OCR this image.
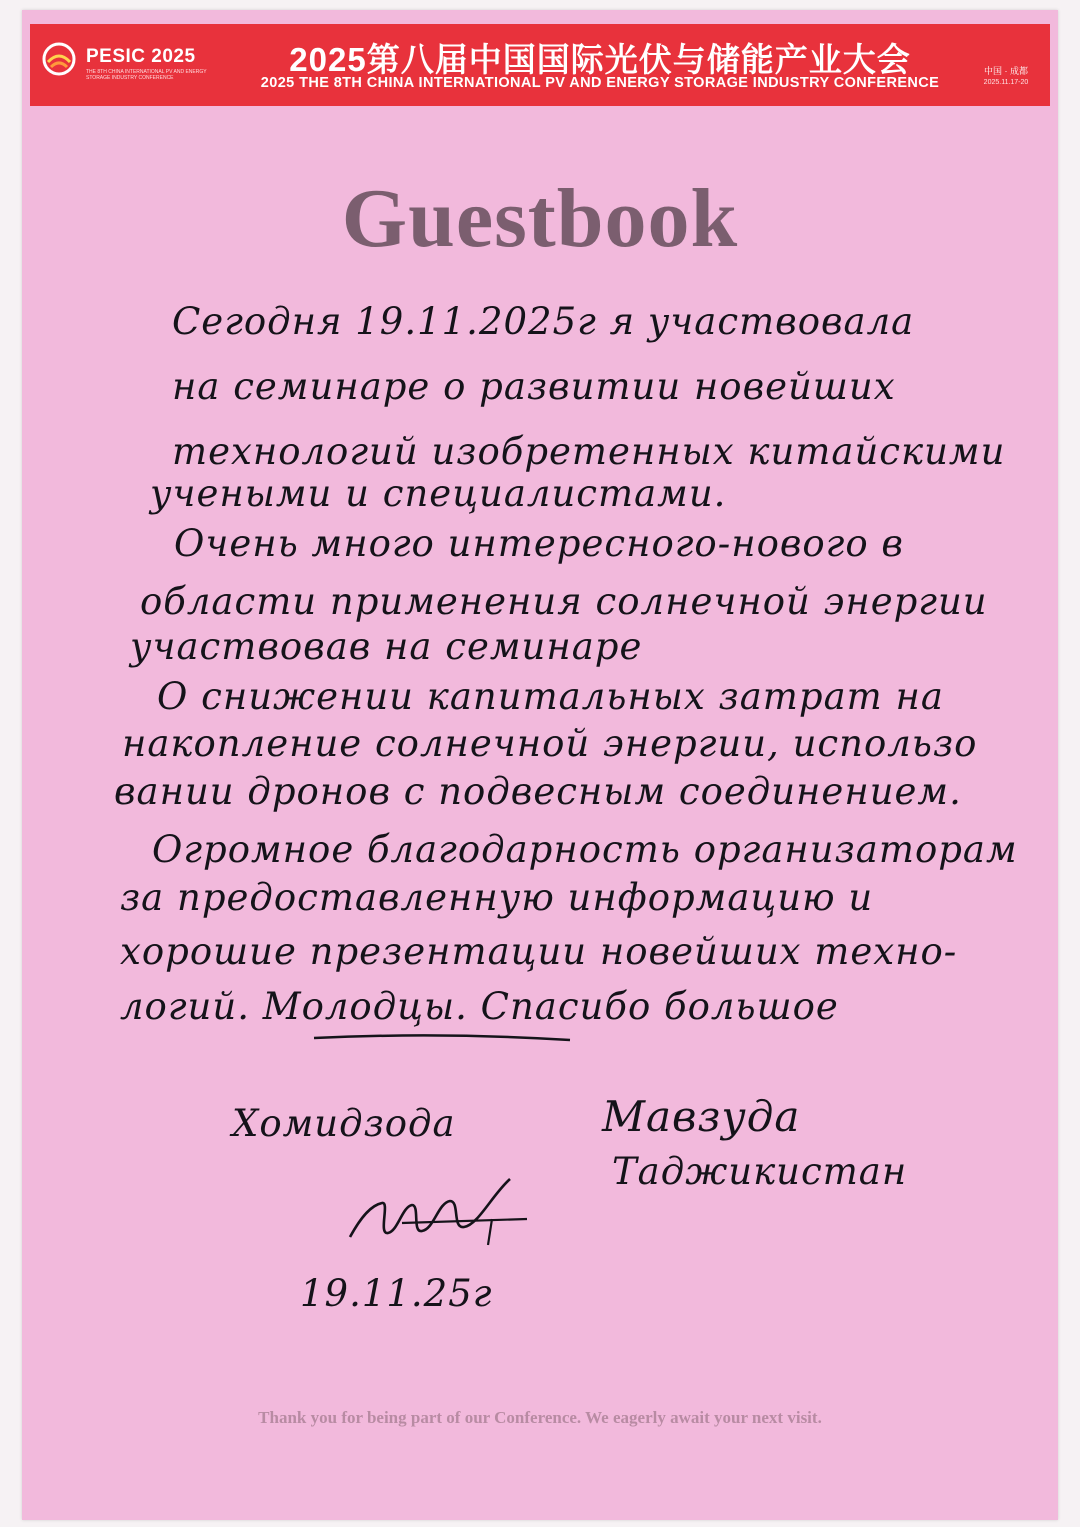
PESIC 2025
THE 8TH CHINA INTERNATIONAL PV AND ENERGY STORAGE INDUSTRY CONFERENCE	2025第八届中国国际光伏与储能产业大会
2025 THE 8TH CHINA INTERNATIONAL PV AND ENERGY STORAGE INDUSTRY CONFERENCE
中国 · 成都
2025.11.17-20
Guestbook
Сегодня 19.11.2025г я участвовала
на семинаре о развитии новейших
технологий изобретенных китайскими
учеными и специалистами.
Очень много интересного-нового в
области применения солнечной энергии
участвовав на семинаре
О снижении капитальных затрат на
накопление солнечной энергии, использо
вании дронов с подвесным соединением.
Огромное благодарность организаторам
за предоставленную информацию и
хорошие презентации новейших техно-
логий. Молодцы. Спасибо большое
Хомидзода	Мавзуда
Таджикистан
19.11.25г
Thank you for being part of our Conference. We eagerly await your next visit.
